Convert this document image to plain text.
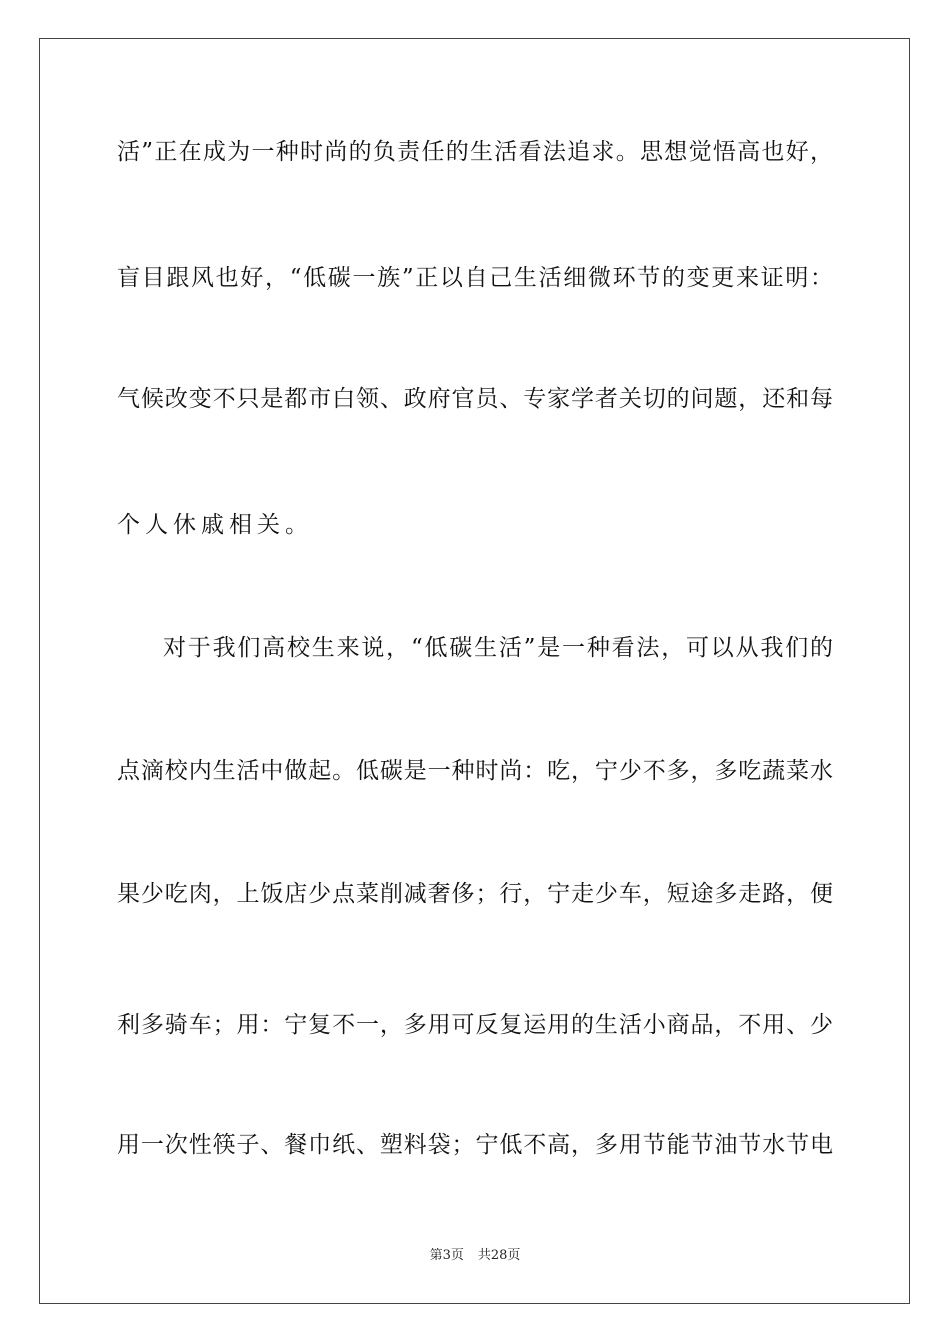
活”正在成为一种时尚的负责任的生活看法追求。思想觉悟高也好，
盲目跟风也好，“低碳一族”正以自己生活细微环节的变更来证明：
气候改变不只是都市白领、政府官员、专家学者关切的问题，还和每
个人休戚相关。
对于我们高校生来说，“低碳生活”是一种看法，可以从我们的
点滴校内生活中做起。低碳是一种时尚：吃，宁少不多，多吃蔬菜水
果少吃肉，上饭店少点菜削减奢侈；行，宁走少车，短途多走路，便
利多骑车；用：宁复不一，多用可反复运用的生活小商品，不用、少
用一次性筷子、餐巾纸、塑料袋；宁低不高，多用节能节油节水节电
第3页 共28页
